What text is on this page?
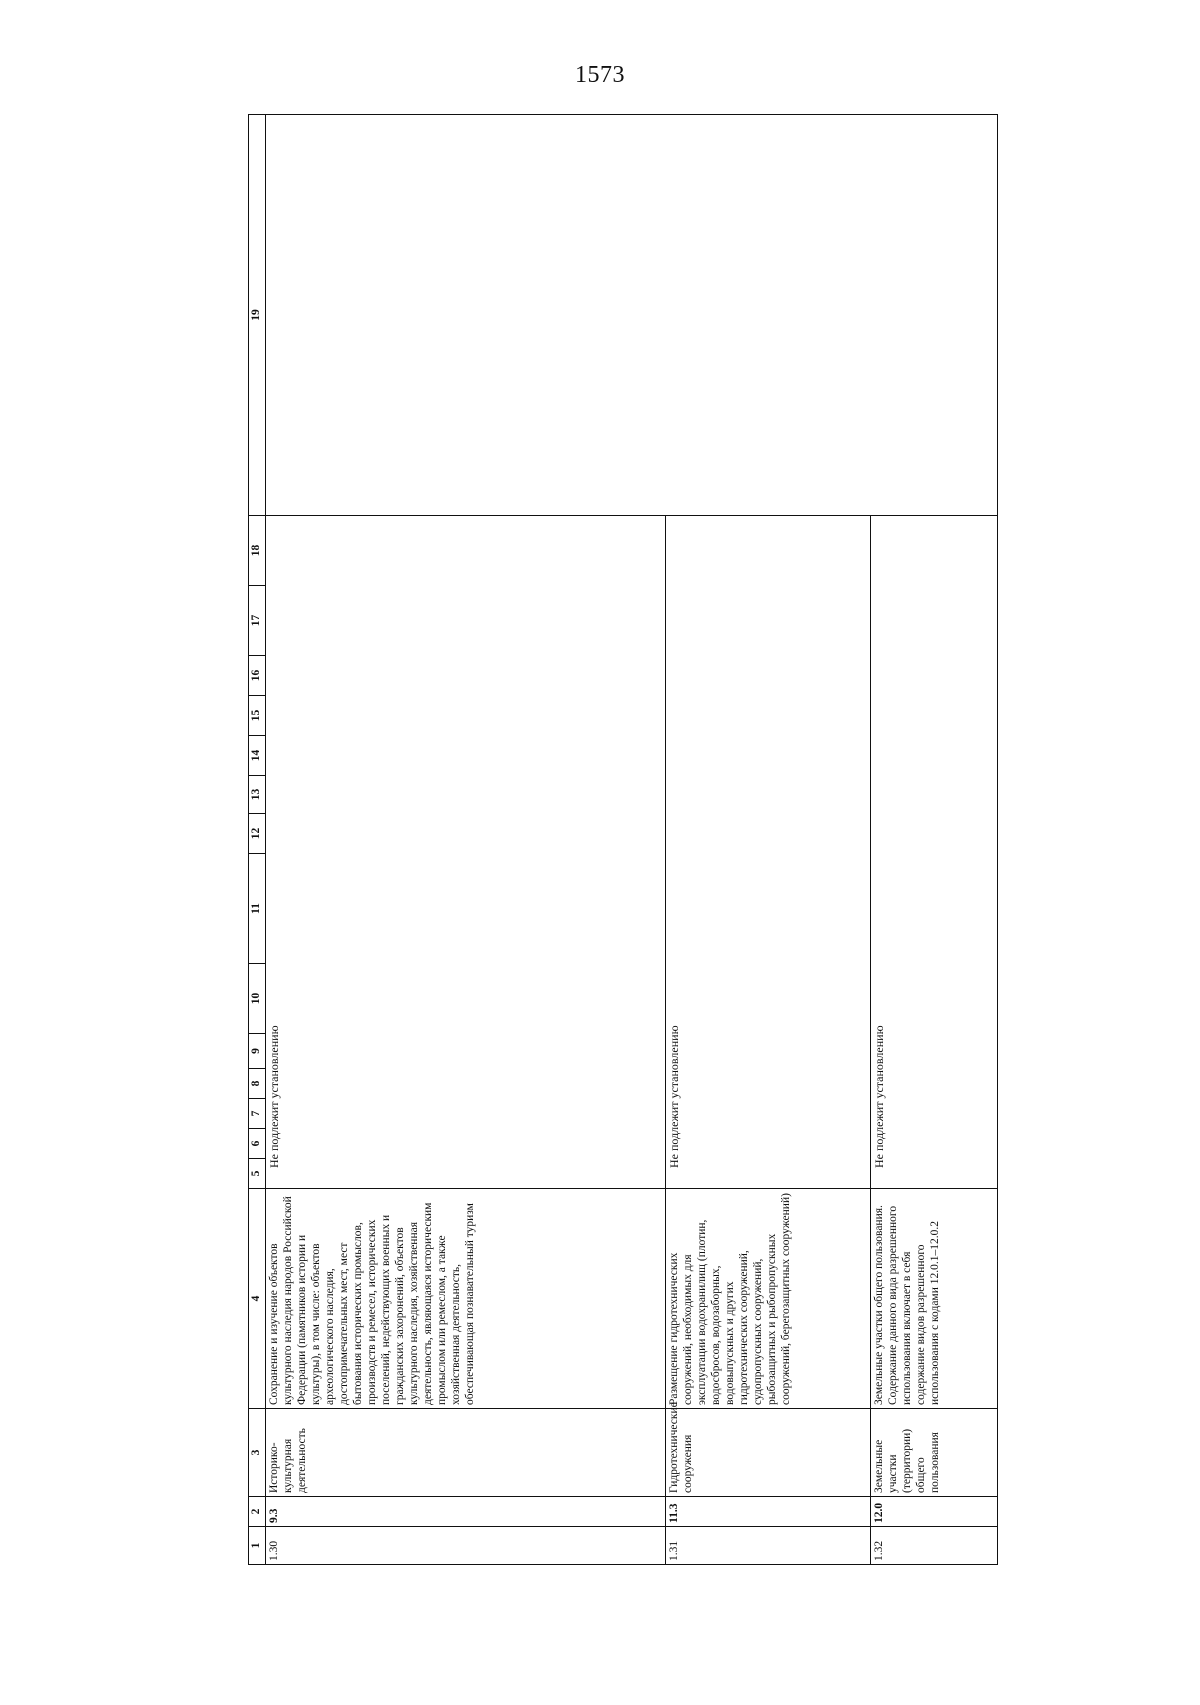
1573
1	2	3	4	5	6	7	8	9	10	11	12	13	14	15	16	17	18	19
1.30	9.3	Историко-культурная деятельность	Сохранение и изучение объектов культурного наследия народов Российской Федерации (памятников истории и культуры), в том числе: объектов археологического наследия, достопримечательных мест, мест бытования исторических промыслов, производств и ремесел, исторических поселений, недействующих военных и гражданских захоронений, объектов культурного наследия, хозяйственная деятельность, являющаяся историческим промыслом или ремеслом, а также хозяйственная деятельность, обеспечивающая познавательный туризм	Не подлежит установлению														
1.31	11.3	Гидротехнические сооружения	Размещение гидротехнических сооружений, необходимых для эксплуатации водохранилищ (плотин, водосбросов, водозаборных, водовыпускных и других гидротехнических сооружений, судопропускных сооружений, рыбозащитных и рыбопропускных сооружений, берегозащитных сооружений)	Не подлежит установлению														
1.32	12.0	Земельные участки (территории) общего пользования	Земельные участки общего пользования. Содержание данного вида разрешенного использования включает в себя содержание видов разрешенного использования с кодами 12.0.1–12.0.2	Не подлежит установлению														
